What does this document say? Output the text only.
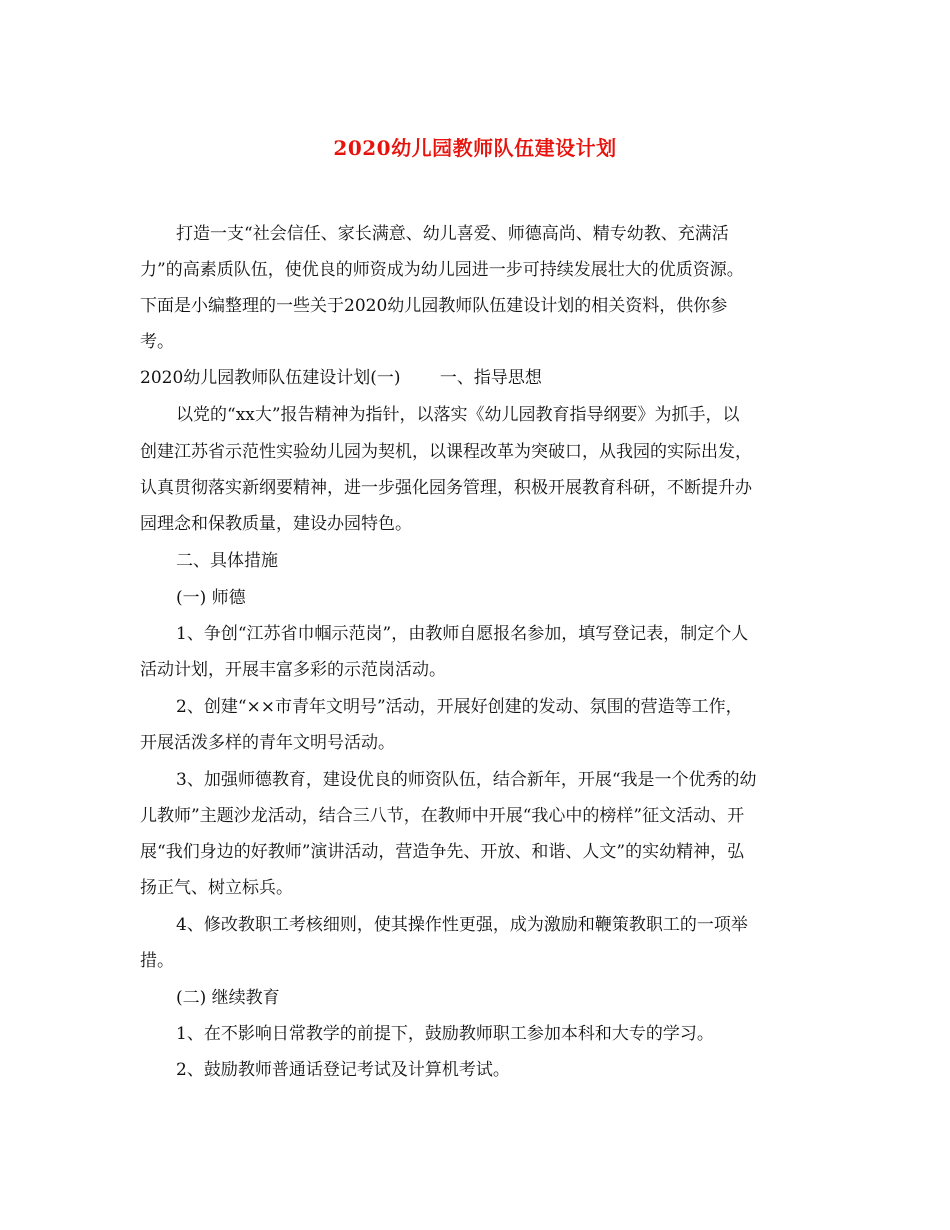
2020幼儿园教师队伍建设计划
打造一支“社会信任、家长满意、幼儿喜爱、师德高尚、精专幼教、充满活
力”的高素质队伍，使优良的师资成为幼儿园进一步可持续发展壮大的优质资源。
下面是小编整理的一些关于2020幼儿园教师队伍建设计划的相关资料，供你参
考。
2020幼儿园教师队伍建设计划(一)　　 一、指导思想
以党的“xx大”报告精神为指针，以落实《幼儿园教育指导纲要》为抓手，以
创建江苏省示范性实验幼儿园为契机，以课程改革为突破口，从我园的实际出发，
认真贯彻落实新纲要精神，进一步强化园务管理，积极开展教育科研，不断提升办
园理念和保教质量，建设办园特色。
二、具体措施
(一) 师德
1、争创“江苏省巾帼示范岗”，由教师自愿报名参加，填写登记表，制定个人
活动计划，开展丰富多彩的示范岗活动。
2、创建“××市青年文明号”活动，开展好创建的发动、氛围的营造等工作，
开展活泼多样的青年文明号活动。
3、加强师德教育，建设优良的师资队伍，结合新年，开展“我是一个优秀的幼
儿教师”主题沙龙活动，结合三八节，在教师中开展“我心中的榜样”征文活动、开
展“我们身边的好教师”演讲活动，营造争先、开放、和谐、人文”的实幼精神，弘
扬正气、树立标兵。
4、修改教职工考核细则，使其操作性更强，成为激励和鞭策教职工的一项举
措。
(二) 继续教育
1、在不影响日常教学的前提下，鼓励教师职工参加本科和大专的学习。
2、鼓励教师普通话登记考试及计算机考试。
